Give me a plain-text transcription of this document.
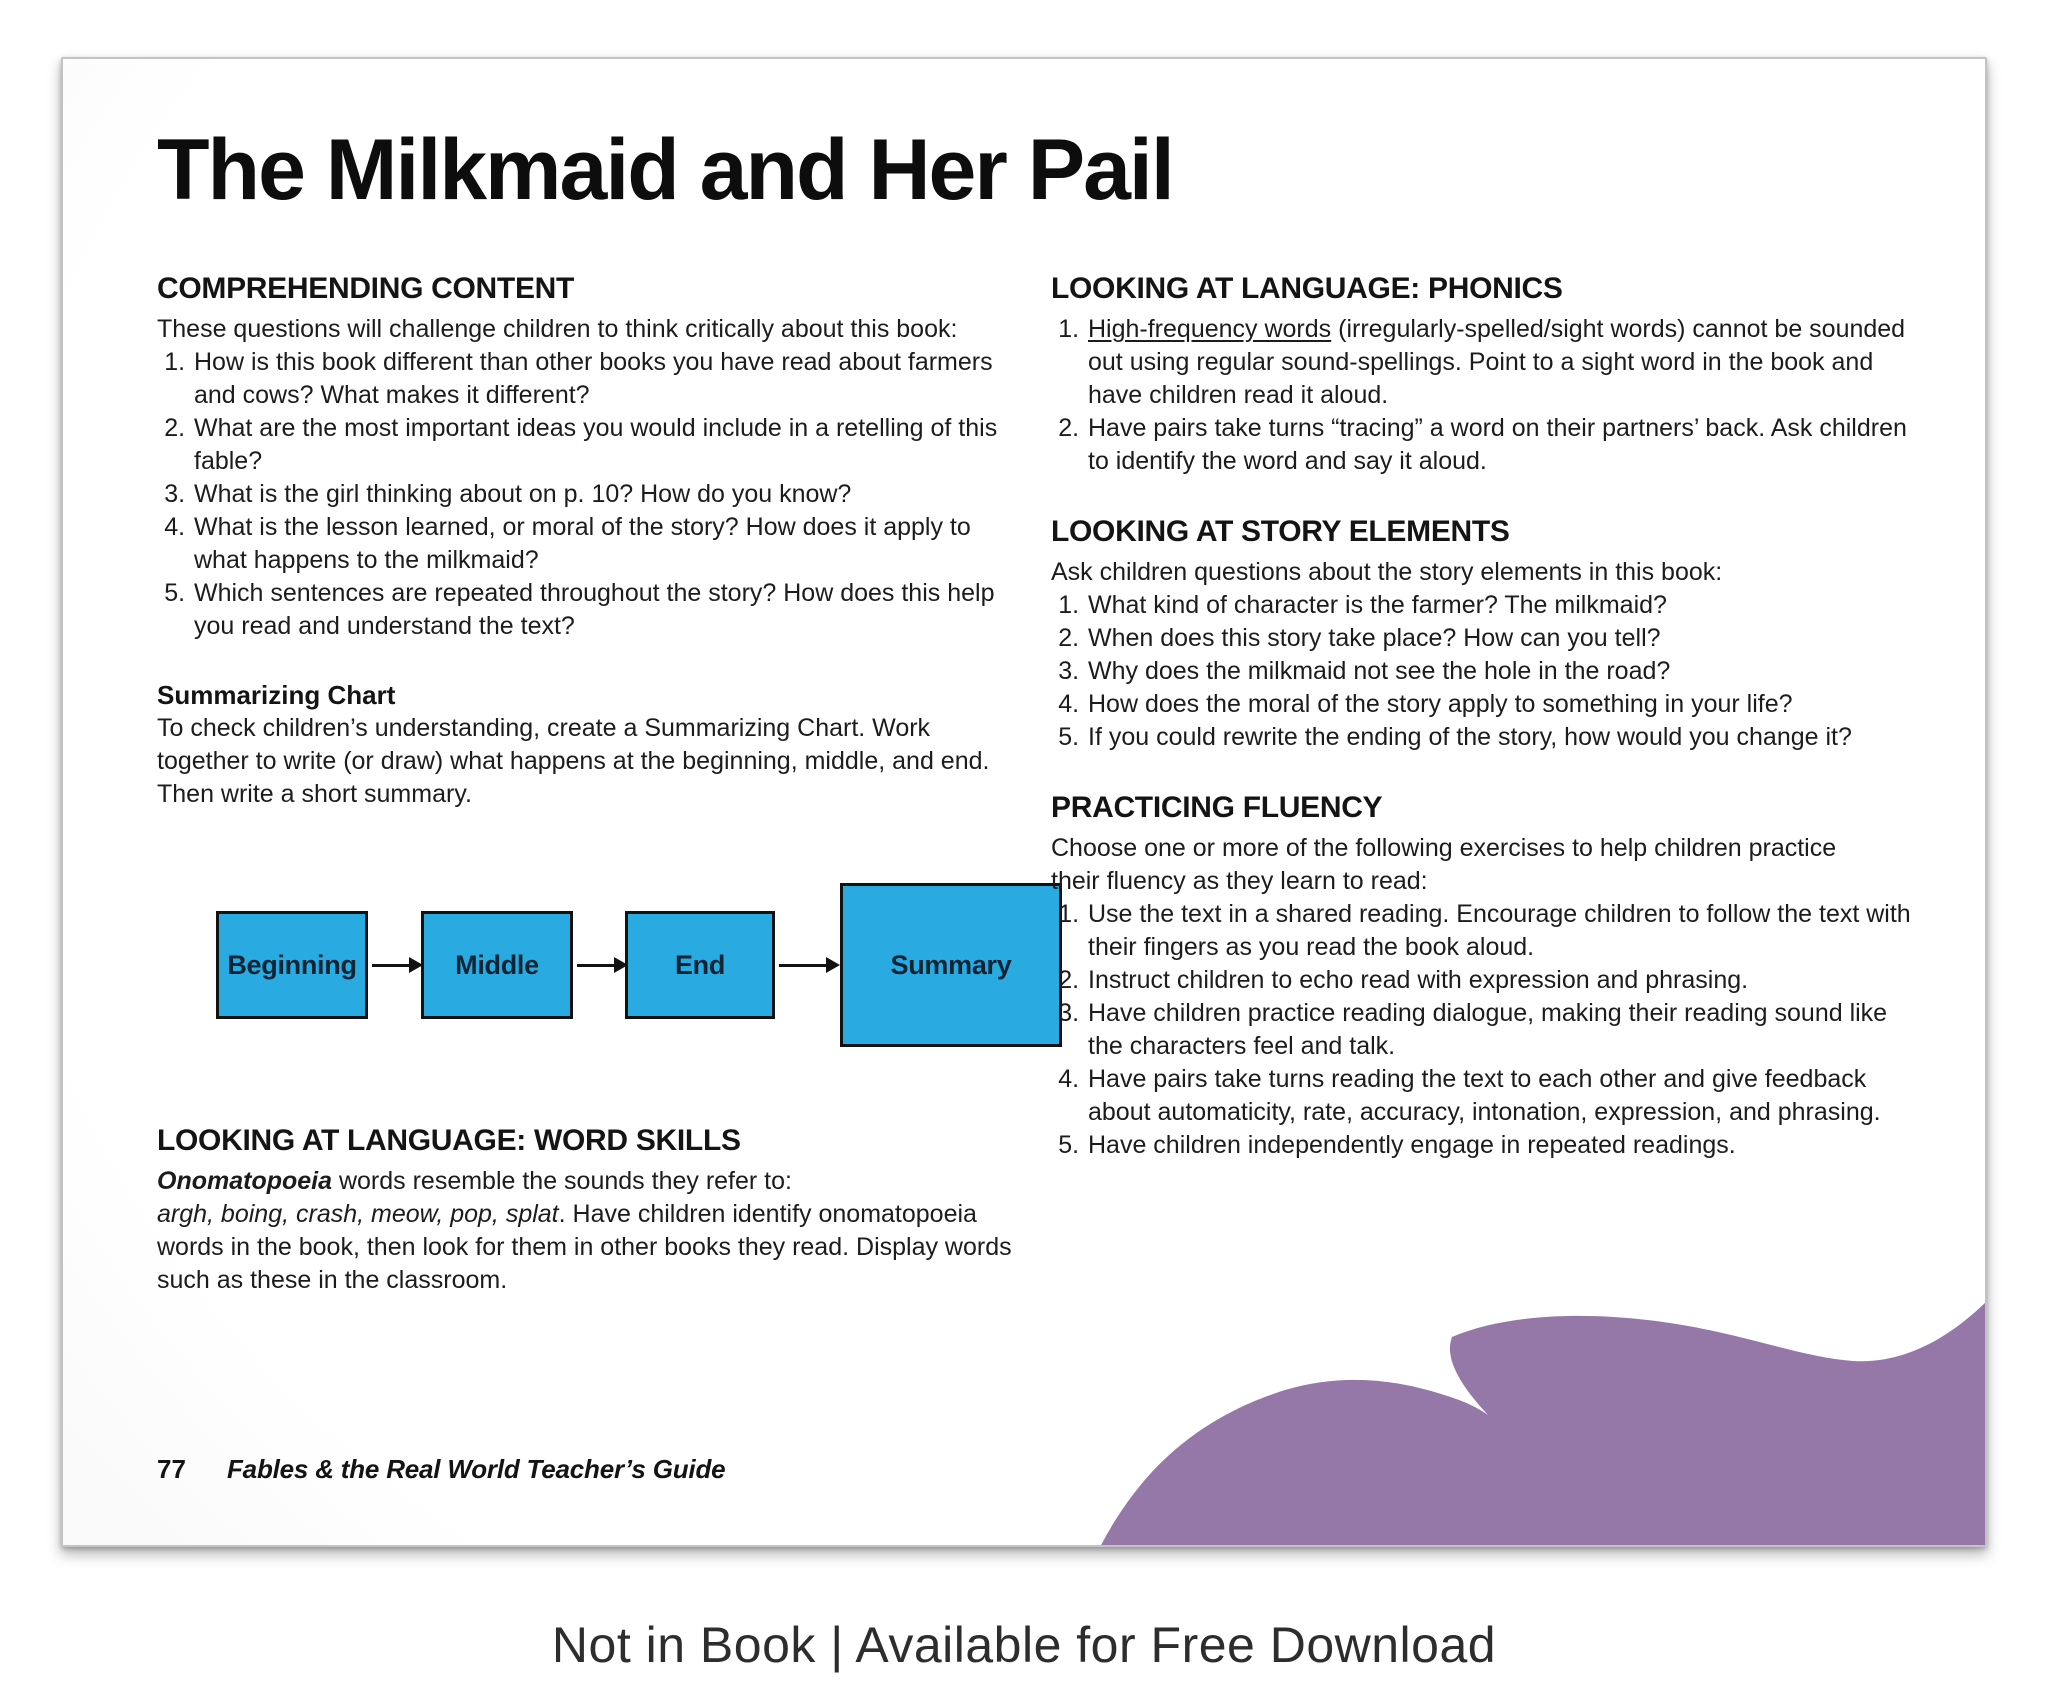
The Milkmaid and Her Pail
COMPREHENDING CONTENT

These questions will challenge children to think critically about this book:

1. How is this book different than other books you have read about farmers and cows? What makes it different?
2. What are the most important ideas you would include in a retelling of this fable?
3. What is the girl thinking about on p. 10? How do you know?
4. What is the lesson learned, or moral of the story? How does it apply to what happens to the milkmaid?
5. Which sentences are repeated throughout the story? How does this help you read and understand the text?
Summarizing Chart

To check children’s understanding, create a Summarizing Chart. Work together to write (or draw) what happens at the beginning, middle, and end. Then write a short summary.

Beginning	Middle	End	Summary
LOOKING AT LANGUAGE: WORD SKILLS

Onomatopoeia words resemble the sounds they refer to:
argh, boing, crash, meow, pop, splat. Have children identify onomatopoeia words in the book, then look for them in other books they read. Display words such as these in the classroom.

LOOKING AT LANGUAGE: PHONICS
1. High-frequency words (irregularly-spelled/sight words) cannot be sounded out using regular sound-spellings. Point to a sight word in the book and have children read it aloud.
2. Have pairs take turns “tracing” a word on their partners’ back. Ask children to identify the word and say it aloud.
LOOKING AT STORY ELEMENTS

Ask children questions about the story elements in this book:

1. What kind of character is the farmer? The milkmaid?
2. When does this story take place? How can you tell?
3. Why does the milkmaid not see the hole in the road?
4. How does the moral of the story apply to something in your life?
5. If you could rewrite the ending of the story, how would you change it?
PRACTICING FLUENCY

Choose one or more of the following exercises to help children practice their fluency as they learn to read:

1. Use the text in a shared reading. Encourage children to follow the text with their fingers as you read the book aloud.
2. Instruct children to echo read with expression and phrasing.
3. Have children practice reading dialogue, making their reading sound like the characters feel and talk.
4. Have pairs take turns reading the text to each other and give feedback about automaticity, rate, accuracy, intonation, expression, and phrasing.
5. Have children independently engage in repeated readings.
77 Fables & the Real World Teacher’s Guide
Not in Book | Available for Free Download
